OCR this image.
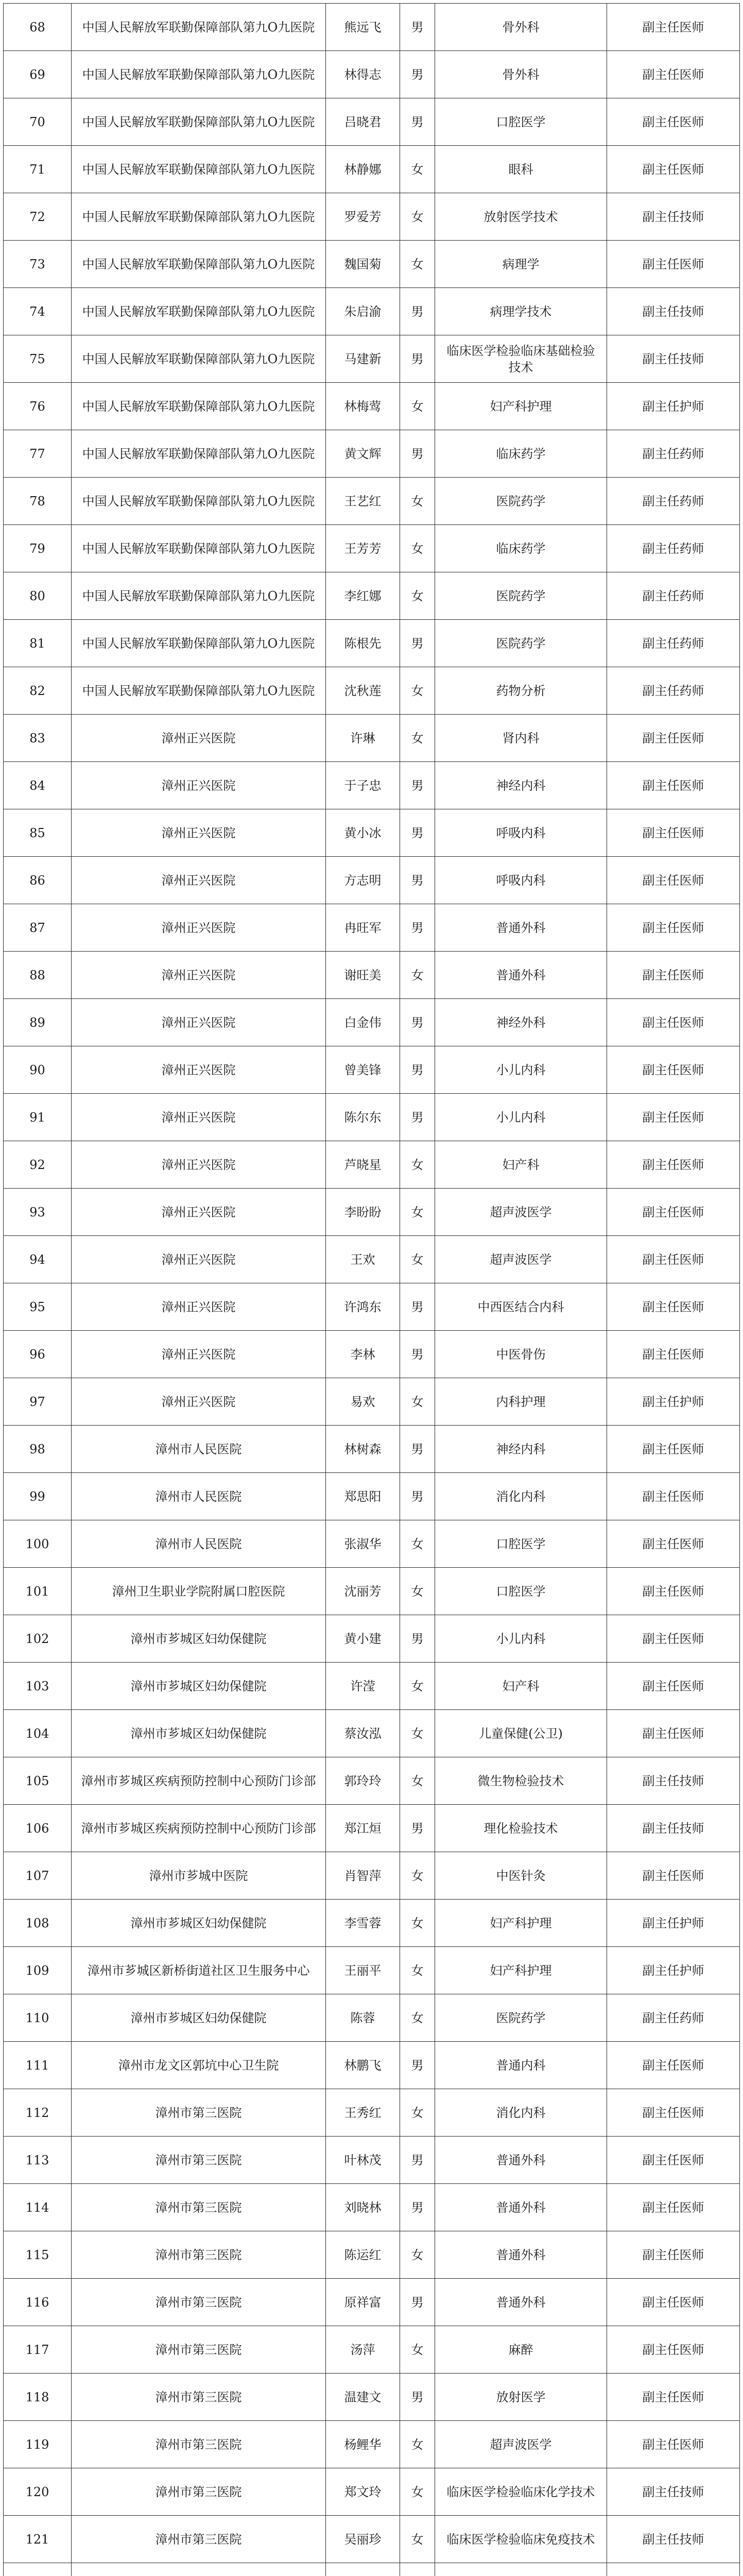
68	中国人民解放军联勤保障部队第九O九医院	熊远飞	男	骨外科	副主任医师
69	中国人民解放军联勤保障部队第九O九医院	林得志	男	骨外科	副主任医师
70	中国人民解放军联勤保障部队第九O九医院	吕晓君	男	口腔医学	副主任医师
71	中国人民解放军联勤保障部队第九O九医院	林静娜	女	眼科	副主任医师
72	中国人民解放军联勤保障部队第九O九医院	罗爱芳	女	放射医学技术	副主任技师
73	中国人民解放军联勤保障部队第九O九医院	魏国菊	女	病理学	副主任医师
74	中国人民解放军联勤保障部队第九O九医院	朱启渝	男	病理学技术	副主任技师
75	中国人民解放军联勤保障部队第九O九医院	马建新	男	临床医学检验临床基础检验技术	副主任技师
76	中国人民解放军联勤保障部队第九O九医院	林梅莺	女	妇产科护理	副主任护师
77	中国人民解放军联勤保障部队第九O九医院	黄文辉	男	临床药学	副主任药师
78	中国人民解放军联勤保障部队第九O九医院	王艺红	女	医院药学	副主任药师
79	中国人民解放军联勤保障部队第九O九医院	王芳芳	女	临床药学	副主任药师
80	中国人民解放军联勤保障部队第九O九医院	李红娜	女	医院药学	副主任药师
81	中国人民解放军联勤保障部队第九O九医院	陈根先	男	医院药学	副主任药师
82	中国人民解放军联勤保障部队第九O九医院	沈秋莲	女	药物分析	副主任药师
83	漳州正兴医院	许琳	女	肾内科	副主任医师
84	漳州正兴医院	于子忠	男	神经内科	副主任医师
85	漳州正兴医院	黄小冰	男	呼吸内科	副主任医师
86	漳州正兴医院	方志明	男	呼吸内科	副主任医师
87	漳州正兴医院	冉旺军	男	普通外科	副主任医师
88	漳州正兴医院	谢旺美	女	普通外科	副主任医师
89	漳州正兴医院	白金伟	男	神经外科	副主任医师
90	漳州正兴医院	曾美锋	男	小儿内科	副主任医师
91	漳州正兴医院	陈尔东	男	小儿内科	副主任医师
92	漳州正兴医院	芦晓星	女	妇产科	副主任医师
93	漳州正兴医院	李盼盼	女	超声波医学	副主任医师
94	漳州正兴医院	王欢	女	超声波医学	副主任医师
95	漳州正兴医院	许鸿东	男	中西医结合内科	副主任医师
96	漳州正兴医院	李林	男	中医骨伤	副主任医师
97	漳州正兴医院	易欢	女	内科护理	副主任护师
98	漳州市人民医院	林树森	男	神经内科	副主任医师
99	漳州市人民医院	郑思阳	男	消化内科	副主任医师
100	漳州市人民医院	张淑华	女	口腔医学	副主任医师
101	漳州卫生职业学院附属口腔医院	沈丽芳	女	口腔医学	副主任医师
102	漳州市芗城区妇幼保健院	黄小建	男	小儿内科	副主任医师
103	漳州市芗城区妇幼保健院	许滢	女	妇产科	副主任医师
104	漳州市芗城区妇幼保健院	蔡汝泓	女	儿童保健(公卫)	副主任医师
105	漳州市芗城区疾病预防控制中心预防门诊部	郭玲玲	女	微生物检验技术	副主任技师
106	漳州市芗城区疾病预防控制中心预防门诊部	郑江烜	男	理化检验技术	副主任技师
107	漳州市芗城中医院	肖智萍	女	中医针灸	副主任医师
108	漳州市芗城区妇幼保健院	李雪蓉	女	妇产科护理	副主任护师
109	漳州市芗城区新桥街道社区卫生服务中心	王丽平	女	妇产科护理	副主任护师
110	漳州市芗城区妇幼保健院	陈蓉	女	医院药学	副主任药师
111	漳州市龙文区郭坑中心卫生院	林鹏飞	男	普通内科	副主任医师
112	漳州市第三医院	王秀红	女	消化内科	副主任医师
113	漳州市第三医院	叶林茂	男	普通外科	副主任医师
114	漳州市第三医院	刘晓林	男	普通外科	副主任医师
115	漳州市第三医院	陈运红	女	普通外科	副主任医师
116	漳州市第三医院	原祥富	男	普通外科	副主任医师
117	漳州市第三医院	汤萍	女	麻醉	副主任医师
118	漳州市第三医院	温建文	男	放射医学	副主任医师
119	漳州市第三医院	杨鲤华	女	超声波医学	副主任医师
120	漳州市第三医院	郑文玲	女	临床医学检验临床化学技术	副主任技师
121	漳州市第三医院	吴丽珍	女	临床医学检验临床免疫技术	副主任技师
